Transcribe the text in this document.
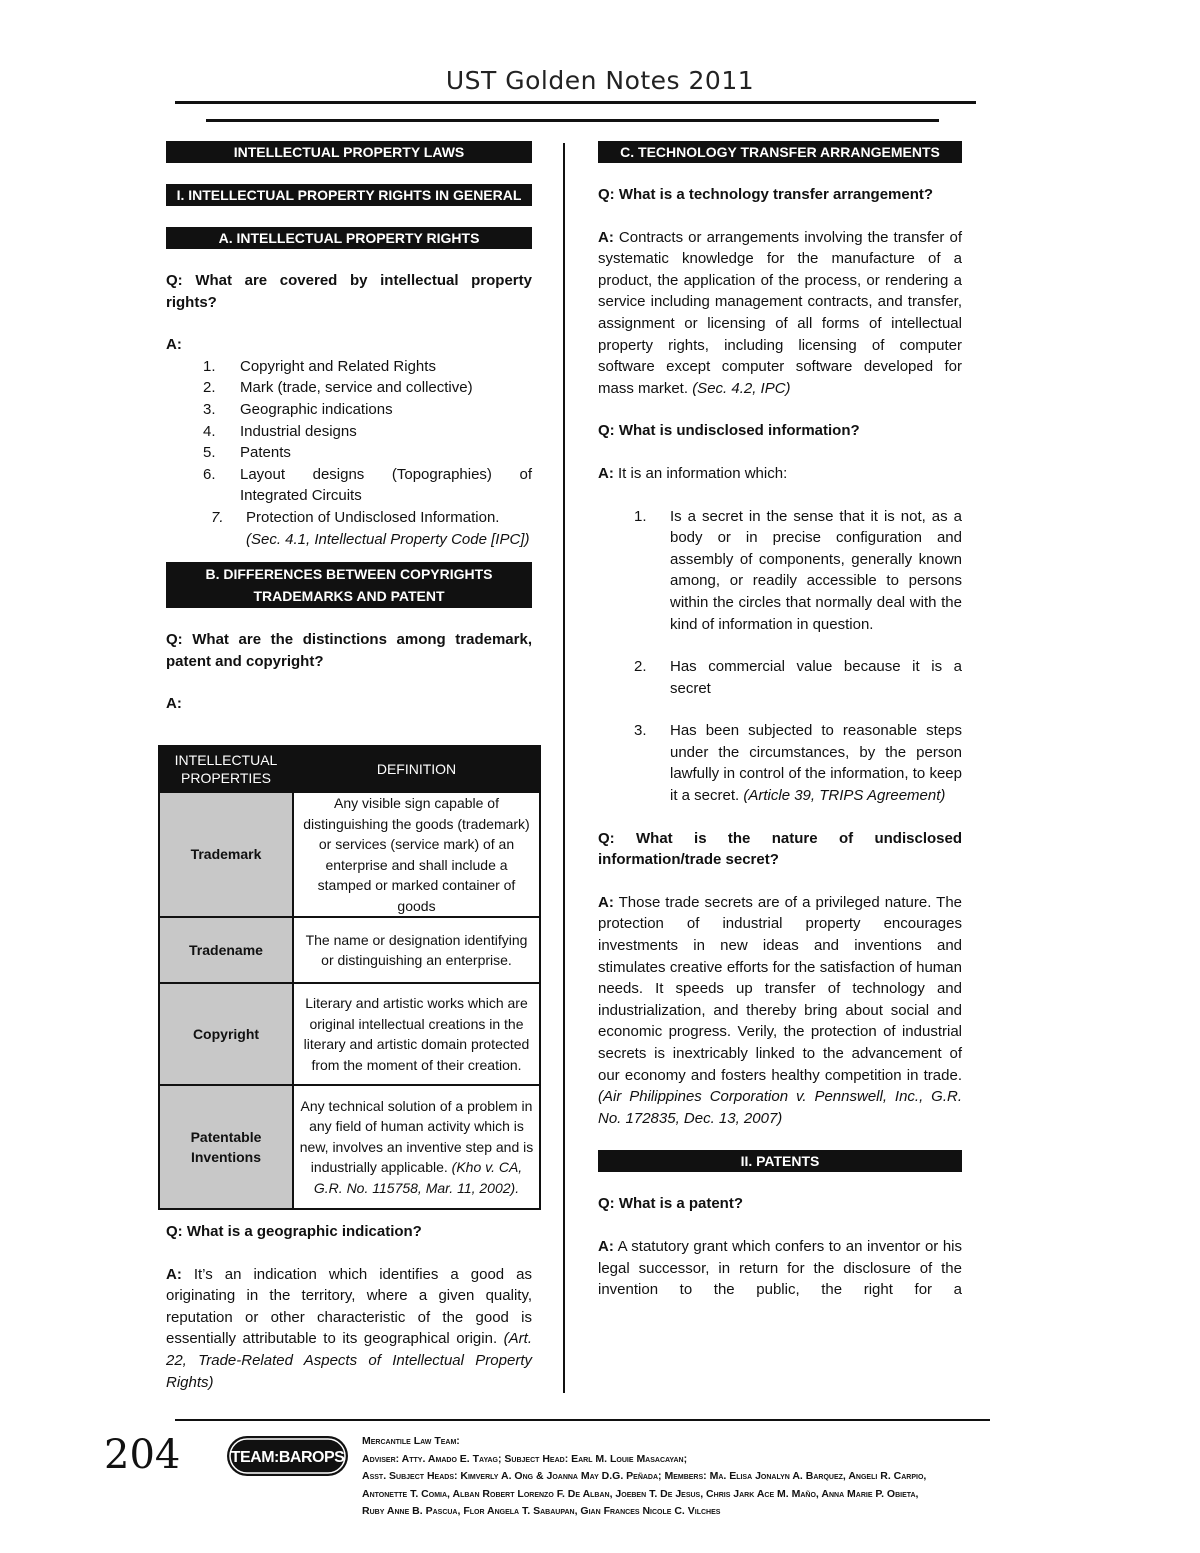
UST Golden Notes 2011
INTELLECTUAL PROPERTY LAWS
I. INTELLECTUAL PROPERTY RIGHTS IN GENERAL
A. INTELLECTUAL PROPERTY RIGHTS

Q: What are covered by intellectual property rights?

A:

1.	Copyright and Related Rights
2.	Mark (trade, service and collective)
3.	Geographic indications
4.	Industrial designs
5.	Patents
6.	Layout designs (Topographies) of Integrated Circuits
7.	Protection of Undisclosed Information.
(Sec. 4.1, Intellectual Property Code [IPC])
B. DIFFERENCES BETWEEN COPYRIGHTS
TRADEMARKS AND PATENT

Q: What are the distinctions among trademark, patent and copyright?

A:

INTELLECTUAL PROPERTIES	DEFINITION
Trademark	Any visible sign capable of distinguishing the goods (trademark) or services (service mark) of an enterprise and shall include a stamped or marked container of goods
Tradename	The name or designation identifying or distinguishing an enterprise.
Copyright	Literary and artistic works which are original intellectual creations in the literary and artistic domain protected from the moment of their creation.
Patentable Inventions	Any technical solution of a problem in any field of human activity which is new, involves an inventive step and is industrially applicable. (Kho v. CA, G.R. No. 115758, Mar. 11, 2002).

Q: What is a geographic indication?

A: It’s an indication which identifies a good as originating in the territory, where a given quality, reputation or other characteristic of the good is essentially attributable to its geographical origin. (Art. 22, Trade-Related Aspects of Intellectual Property Rights)

C. TECHNOLOGY TRANSFER ARRANGEMENTS

Q: What is a technology transfer arrangement?

A: Contracts or arrangements involving the transfer of systematic knowledge for the manufacture of a product, the application of the process, or rendering a service including management contracts, and transfer, assignment or licensing of all forms of intellectual property rights, including licensing of computer software except computer software developed for mass market. (Sec. 4.2, IPC)

Q: What is undisclosed information?

A: It is an information which:

1.	Is a secret in the sense that it is not, as a body or in precise configuration and assembly of components, generally known among, or readily accessible to persons within the circles that normally deal with the kind of information in question.
2.	Has commercial value because it is a secret
3.	Has been subjected to reasonable steps under the circumstances, by the person lawfully in control of the information, to keep it a secret. (Article 39, TRIPS Agreement)

Q: What is the nature of undisclosed information/trade secret?

A: Those trade secrets are of a privileged nature. The protection of industrial property encourages investments in new ideas and inventions and stimulates creative efforts for the satisfaction of human needs. It speeds up transfer of technology and industrialization, and thereby bring about social and economic progress. Verily, the protection of industrial secrets is inextricably linked to the advancement of our economy and fosters healthy competition in trade. (Air Philippines Corporation v. Pennswell, Inc., G.R. No. 172835, Dec. 13, 2007)

II. PATENTS

Q: What is a patent?

A: A statutory grant which confers to an inventor or his legal successor, in return for the disclosure of the invention to the public, the right for a

204	TEAM:BAROPS
Mercantile Law Team:
Adviser: Atty. Amado E. Tayag; Subject Head: Earl M. Louie Masacayan;
Asst. Subject Heads: Kimverly A. Ong & Joanna May D.G. Peñada; Members: Ma. Elisa Jonalyn A. Barquez, Angeli R. Carpio,
Antonette T. Comia, Alban Robert Lorenzo F. De Alban, Joeben T. De Jesus, Chris Jark Ace M. Maño, Anna Marie P. Obieta,
Ruby Anne B. Pascua, Flor Angela T. Sabaupan, Gian Frances Nicole C. Vilches
